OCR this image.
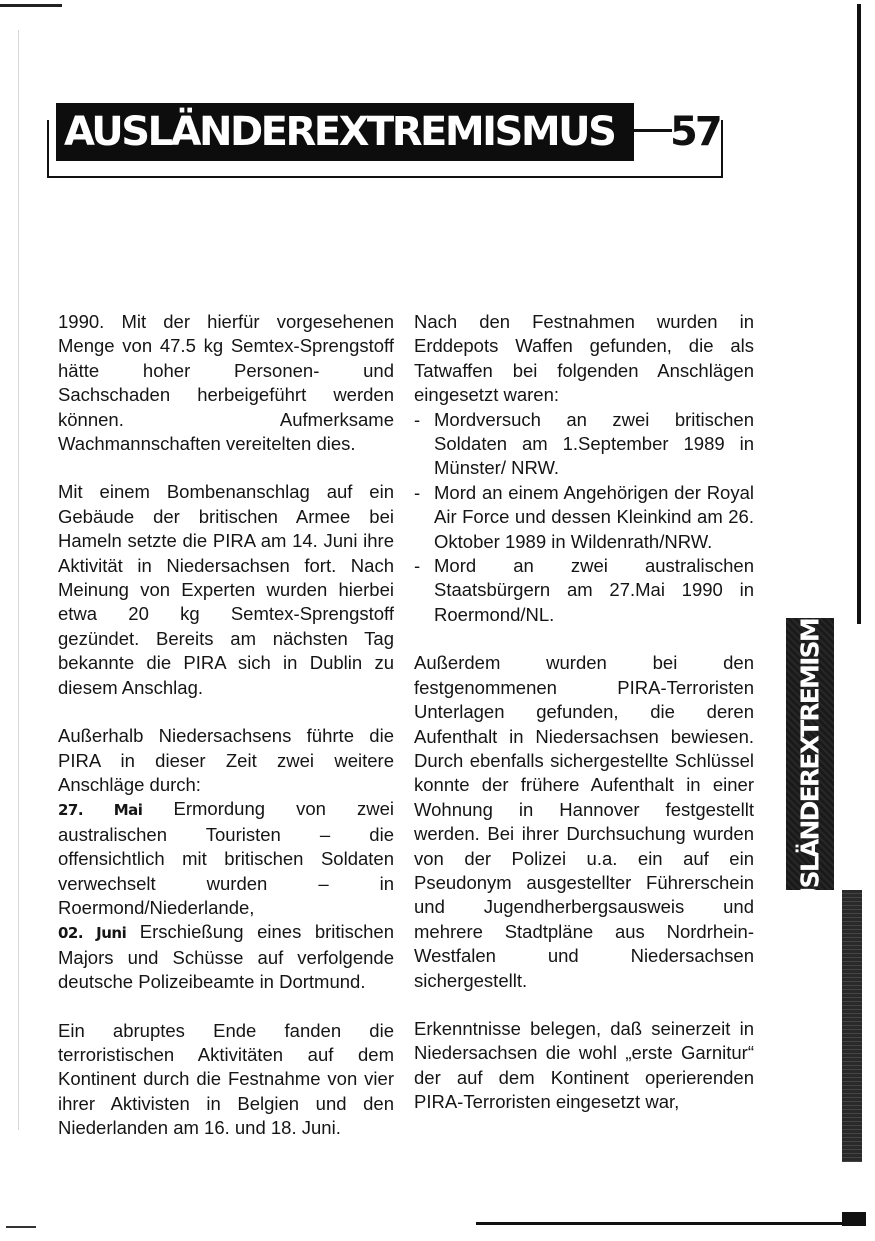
AUSLÄNDEREXTREMISMUS	57

1990. Mit der hierfür vorgesehenen Menge von 47.5 kg Semtex-Sprengstoff hätte hoher Personen- und Sachschaden herbeigeführt werden können. Aufmerksame Wachmannschaften vereitelten dies.

Mit einem Bombenanschlag auf ein Gebäude der britischen Armee bei Hameln setzte die PIRA am 14. Juni ihre Aktivität in Niedersachsen fort. Nach Meinung von Experten wurden hierbei etwa 20 kg Semtex-Sprengstoff gezündet. Bereits am nächsten Tag bekannte die PIRA sich in Dublin zu diesem Anschlag.

Außerhalb Niedersachsens führte die PIRA in dieser Zeit zwei weitere Anschläge durch:

27. Mai Ermordung von zwei australischen Touristen – die offensichtlich mit britischen Soldaten verwechselt wurden – in Roermond/Niederlande,

02. Juni Erschießung eines britischen Majors und Schüsse auf verfolgende deutsche Polizeibeamte in Dortmund.

Ein abruptes Ende fanden die terroristischen Aktivitäten auf dem Kontinent durch die Festnahme von vier ihrer Aktivisten in Belgien und den Niederlanden am 16. und 18. Juni.

Nach den Festnahmen wurden in Erddepots Waffen gefunden, die als Tatwaffen bei folgenden Anschlägen eingesetzt waren:

- Mordversuch an zwei britischen Soldaten am 1.September 1989 in Münster/ NRW.
- Mord an einem Angehörigen der Royal Air Force und dessen Kleinkind am 26. Oktober 1989 in Wildenrath/NRW.
- Mord an zwei australischen Staatsbürgern am 27.Mai 1990 in Roermond/NL.

Außerdem wurden bei den festgenommenen PIRA-Terroristen Unterlagen gefunden, die deren Aufenthalt in Niedersachsen bewiesen. Durch ebenfalls sichergestellte Schlüssel konnte der frühere Aufenthalt in einer Wohnung in Hannover festgestellt werden. Bei ihrer Durchsuchung wurden von der Polizei u.a. ein auf ein Pseudonym ausgestellter Führerschein und Jugendherbergsausweis und mehrere Stadtpläne aus Nordrhein-Westfalen und Niedersachsen sichergestellt.

Erkenntnisse belegen, daß seinerzeit in Niedersachsen die wohl „erste Garnitur“ der auf dem Kontinent operierenden PIRA-Terroristen eingesetzt war,

AUSLÄNDEREXTREMISMUS
